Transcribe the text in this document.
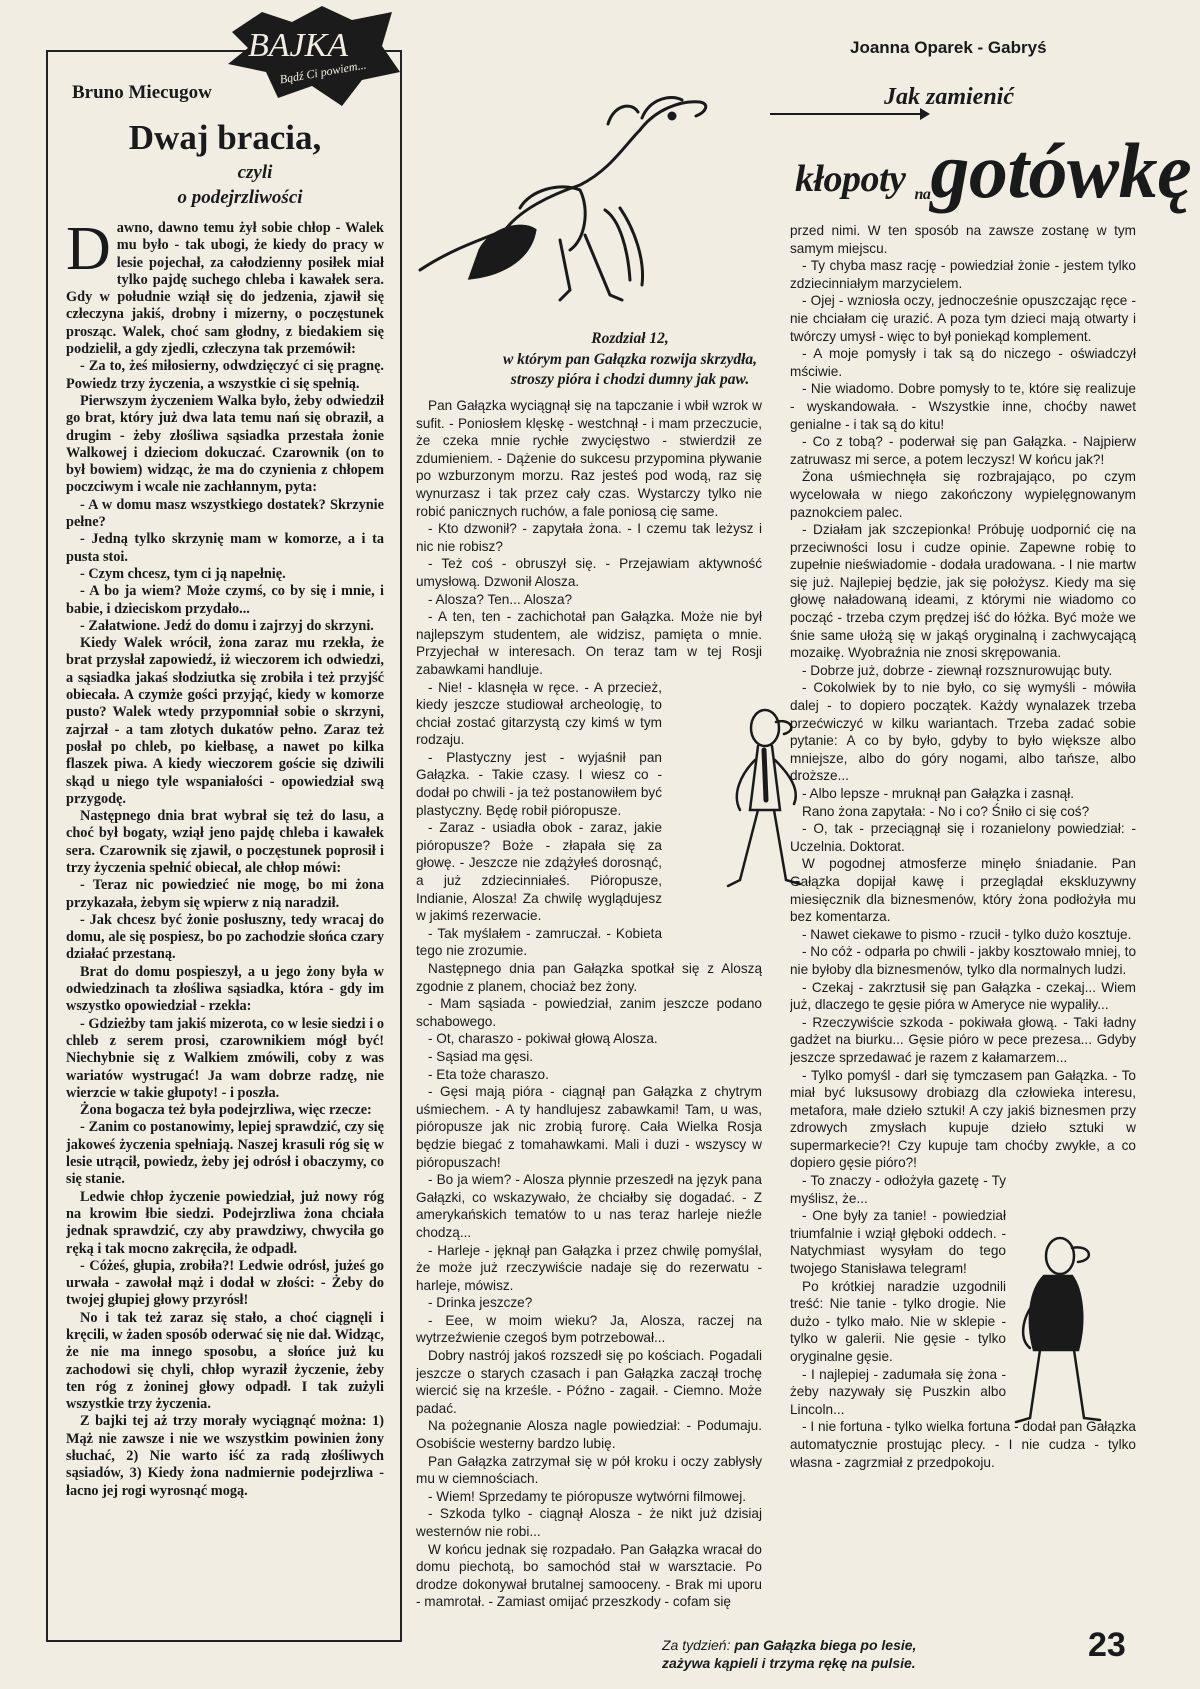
BAJKA
Bądź Ci powiem...
Bruno Miecugow
Dwaj bracia,
czyli
o podejrzliwości

Dawno, dawno temu żył sobie chłop - Walek mu było - tak ubogi, że kiedy do pracy w lesie pojechał, za całodzienny posiłek miał tylko pajdę suchego chleba i kawałek sera. Gdy w południe wziął się do jedzenia, zjawił się człeczyna jakiś, drobny i mizerny, o poczęstunek prosząc. Walek, choć sam głodny, z biedakiem się podzielił, a gdy zjedli, człeczyna tak przemówił:

- Za to, żeś miłosierny, odwdzięczyć ci się pragnę. Powiedz trzy życzenia, a wszystkie ci się spełnią.

Pierwszym życzeniem Walka było, żeby odwiedził go brat, który już dwa lata temu nań się obraził, a drugim - żeby złośliwa sąsiadka przestała żonie Walkowej i dzieciom dokuczać. Czarownik (on to był bowiem) widząc, że ma do czynienia z chłopem poczciwym i wcale nie zachłannym, pyta:

- A w domu masz wszystkiego dostatek? Skrzynie pełne?

- Jedną tylko skrzynię mam w komorze, a i ta pusta stoi.

- Czym chcesz, tym ci ją napełnię.

- A bo ja wiem? Może czymś, co by się i mnie, i babie, i dzieciskom przydało...

- Załatwione. Jedź do domu i zajrzyj do skrzyni.

Kiedy Walek wrócił, żona zaraz mu rzekła, że brat przysłał zapowiedź, iż wieczorem ich odwiedzi, a sąsiadka jakaś słodziutka się zrobiła i też przyjść obiecała. A czymże gości przyjąć, kiedy w komorze pusto? Walek wtedy przypomniał sobie o skrzyni, zajrzał - a tam złotych dukatów pełno. Zaraz też posłał po chleb, po kiełbasę, a nawet po kilka flaszek piwa. A kiedy wieczorem goście się dziwili skąd u niego tyle wspaniałości - opowiedział swą przygodę.

Następnego dnia brat wybrał się też do lasu, a choć był bogaty, wziął jeno pajdę chleba i kawałek sera. Czarownik się zjawił, o poczęstunek poprosił i trzy życzenia spełnić obiecał, ale chłop mówi:

- Teraz nic powiedzieć nie mogę, bo mi żona przykazała, żebym się wpierw z nią naradził.

- Jak chcesz być żonie posłuszny, tedy wracaj do domu, ale się pospiesz, bo po zachodzie słońca czary działać przestaną.

Brat do domu pospieszył, a u jego żony była w odwiedzinach ta złośliwa sąsiadka, która - gdy im wszystko opowiedział - rzekła:

- Gdzieżby tam jakiś mizerota, co w lesie siedzi i o chleb z serem prosi, czarownikiem mógł być! Niechybnie się z Walkiem zmówili, coby z was wariatów wystrugać! Ja wam dobrze radzę, nie wierzcie w takie głupoty! - i poszła.

Żona bogacza też była podejrzliwa, więc rzecze:

- Zanim co postanowimy, lepiej sprawdzić, czy się jakoweś życzenia spełniają. Naszej krasuli róg się w lesie utrącił, powiedz, żeby jej odrósł i obaczymy, co się stanie.

Ledwie chłop życzenie powiedział, już nowy róg na krowim łbie siedzi. Podejrzliwa żona chciała jednak sprawdzić, czy aby prawdziwy, chwyciła go ręką i tak mocno zakręciła, że odpadł.

- Cóżeś, głupia, zrobiła?! Ledwie odrósł, jużeś go urwała - zawołał mąż i dodał w złości: - Żeby do twojej głupiej głowy przyrósł!

No i tak też zaraz się stało, a choć ciągnęli i kręcili, w żaden sposób oderwać się nie dał. Widząc, że nie ma innego sposobu, a słońce już ku zachodowi się chyli, chłop wyraził życzenie, żeby ten róg z żoninej głowy odpadł. I tak zużyli wszystkie trzy życzenia.

Z bajki tej aż trzy morały wyciągnąć można: 1) Mąż nie zawsze i nie we wszystkim powinien żony słuchać, 2) Nie warto iść za radą złośliwych sąsiadów, 3) Kiedy żona nadmiernie podejrzliwa - łacno jej rogi wyrosnąć mogą.

Joanna Oparek - Gabryś
Jak zamienić
kłopoty $_{na}$gotówkę
Rozdział 12,
w którym pan Gałązka rozwija skrzydła,
stroszy pióra i chodzi dumny jak paw.

Pan Gałązka wyciągnął się na tapczanie i wbił wzrok w sufit. - Poniosłem klęskę - westchnął - i mam przeczucie, że czeka mnie rychłe zwycięstwo - stwierdził ze zdumieniem. - Dążenie do sukcesu przypomina pływanie po wzburzonym morzu. Raz jesteś pod wodą, raz się wynurzasz i tak przez cały czas. Wystarczy tylko nie robić panicznych ruchów, a fale poniosą cię same.

- Kto dzwonił? - zapytała żona. - I czemu tak leżysz i nic nie robisz?

- Też coś - obruszył się. - Przejawiam aktywność umysłową. Dzwonił Alosza.

- Alosza? Ten... Alosza?

- A ten, ten - zachichotał pan Gałązka. Może nie był najlepszym studentem, ale widzisz, pamięta o mnie. Przyjechał w interesach. On teraz tam w tej Rosji zabawkami handluje.

- Nie! - klasnęła w ręce. - A przecież, kiedy jeszcze studiował archeologię, to chciał zostać gitarzystą czy kimś w tym rodzaju.

- Plastyczny jest - wyjaśnił pan Gałązka. - Takie czasy. I wiesz co - dodał po chwili - ja też postanowiłem być plastyczny. Będę robił pióropusze.

- Zaraz - usiadła obok - zaraz, jakie pióropusze? Boże - złapała się za głowę. - Jeszcze nie zdążyłeś dorosnąć, a już zdziecinniałeś. Pióropusze, Indianie, Alosza! Za chwilę wyglądujesz w jakimś rezerwacie.

- Tak myślałem - zamruczał. - Kobieta tego nie zrozumie.

Następnego dnia pan Gałązka spotkał się z Aloszą zgodnie z planem, chociaż bez żony.

- Mam sąsiada - powiedział, zanim jeszcze podano schabowego.

- Ot, charaszo - pokiwał głową Alosza.

- Sąsiad ma gęsi.

- Eta tożе charaszo.

- Gęsi mają pióra - ciągnął pan Gałązka z chytrym uśmiechem. - A ty handlujesz zabawkami! Tam, u was, pióropusze jak nic zrobią furorę. Cała Wielka Rosja będzie biegać z tomahawkami. Mali i duzi - wszyscy w pióropuszach!

- Bo ja wiem? - Alosza płynnie przeszedł na język pana Gałązki, co wskazywało, że chciałby się dogadać. - Z amerykańskich tematów to u nas teraz harleje nieźle chodzą...

- Harleje - jęknął pan Gałązka i przez chwilę pomyślał, że może już rzeczywiście nadaje się do rezerwatu - harleje, mówisz.

- Drinka jeszcze?

- Eee, w moim wieku? Ja, Alosza, raczej na wytrzeźwienie czegoś bym potrzebował...

Dobry nastrój jakoś rozszedł się po kościach. Pogadali jeszcze o starych czasach i pan Gałązka zaczął trochę wiercić się na krześle. - Późno - zagaił. - Ciemno. Może padać.

Na pożegnanie Alosza nagle powiedział: - Podumaju. Osobiście westerny bardzo lubię.

Pan Gałązka zatrzymał się w pół kroku i oczy zabłysły mu w ciemnościach.

- Wiem! Sprzedamy te pióropusze wytwórni filmowej.

- Szkoda tylko - ciągnął Alosza - że nikt już dzisiaj westernów nie robi...

W końcu jednak się rozpadało. Pan Gałązka wracał do domu piechotą, bo samochód stał w warsztacie. Po drodze dokonywał brutalnej samooceny. - Brak mi uporu - mamrotał. - Zamiast omijać przeszkody - cofam się

przed nimi. W ten sposób na zawsze zostanę w tym samym miejscu.

- Ty chyba masz rację - powiedział żonie - jestem tylko zdziecinniałym marzycielem.

- Ojej - wzniosła oczy, jednocześnie opuszczając ręce - nie chciałam cię urazić. A poza tym dzieci mają otwarty i twórczy umysł - więc to był poniekąd komplement.

- A moje pomysły i tak są do niczego - oświadczył mściwie.

- Nie wiadomo. Dobre pomysły to te, które się realizuje - wyskandowała. - Wszystkie inne, choćby nawet genialne - i tak są do kitu!

- Co z tobą? - poderwał się pan Gałązka. - Najpierw zatruwasz mi serce, a potem leczysz! W końcu jak?!

Żona uśmiechnęła się rozbrajająco, po czym wycelowała w niego zakończony wypielęgnowanym paznokciem palec.

- Działam jak szczepionka! Próbuję uodpornić cię na przeciwności losu i cudze opinie. Zapewne robię to zupełnie nieświadomie - dodała uradowana. - I nie martw się już. Najlepiej będzie, jak się położysz. Kiedy ma się głowę naładowaną ideami, z którymi nie wiadomo co począć - trzeba czym prędzej iść do łóżka. Być może we śnie same ułożą się w jakąś oryginalną i zachwycającą mozaikę. Wyobraźnia nie znosi skrępowania.

- Dobrze już, dobrze - ziewnął rozsznurowując buty.

- Cokolwiek by to nie było, co się wymyśli - mówiła dalej - to dopiero początek. Każdy wynalazek trzeba przećwiczyć w kilku wariantach. Trzeba zadać sobie pytanie: A co by było, gdyby to było większe albo mniejsze, albo do góry nogami, albo tańsze, albo droższe...

- Albo lepsze - mruknął pan Gałązka i zasnął.

Rano żona zapytała: - No i co? Śniło ci się coś?

- O, tak - przeciągnął się i rozanielony powiedział: - Uczelnia. Doktorat.

W pogodnej atmosferze minęło śniadanie. Pan Gałązka dopijał kawę i przeglądał ekskluzywny miesięcznik dla biznesmenów, który żona podłożyła mu bez komentarza.

- Nawet ciekawe to pismo - rzucił - tylko dużo kosztuje.

- No cóż - odparła po chwili - jakby kosztowało mniej, to nie byłoby dla biznesmenów, tylko dla normalnych ludzi.

- Czekaj - zakrztusił się pan Gałązka - czekaj... Wiem już, dlaczego te gęsie pióra w Ameryce nie wypaliły...

- Rzeczywiście szkoda - pokiwała głową. - Taki ładny gadżet na biurku... Gęsie pióro w pece prezesa... Gdyby jeszcze sprzedawać je razem z kałamarzem...

- Tylko pomyśl - darł się tymczasem pan Gałązka. - To miał być luksusowy drobiazg dla człowieka interesu, metafora, małe dzieło sztuki! A czy jakiś biznesmen przy zdrowych zmysłach kupuje dzieło sztuki w supermarkecie?! Czy kupuje tam choćby zwykłe, a co dopiero gęsie pióro?!

- To znaczy - odłożyła gazetę - Ty myślisz, że...

- One były za tanie! - powiedział triumfalnie i wziął głęboki oddech. - Natychmiast wysyłam do tego twojego Stanisława telegram!

Po krótkiej naradzie uzgodnili treść: Nie tanie - tylko drogie. Nie dużo - tylko mało. Nie w sklepie - tylko w galerii. Nie gęsie - tylko oryginalne gęsie.

- I najlepiej - zadumała się żona - żeby nazywały się Puszkin albo Lincoln...

- I nie fortuna - tylko wielka fortuna - dodał pan Gałązka automatycznie prostując plecy. - I nie cudza - tylko własna - zagrzmiał z przedpokoju.

Za tydzień: pan Gałązka biega po lesie,
zażywa kąpieli i trzyma rękę na pulsie.	23
